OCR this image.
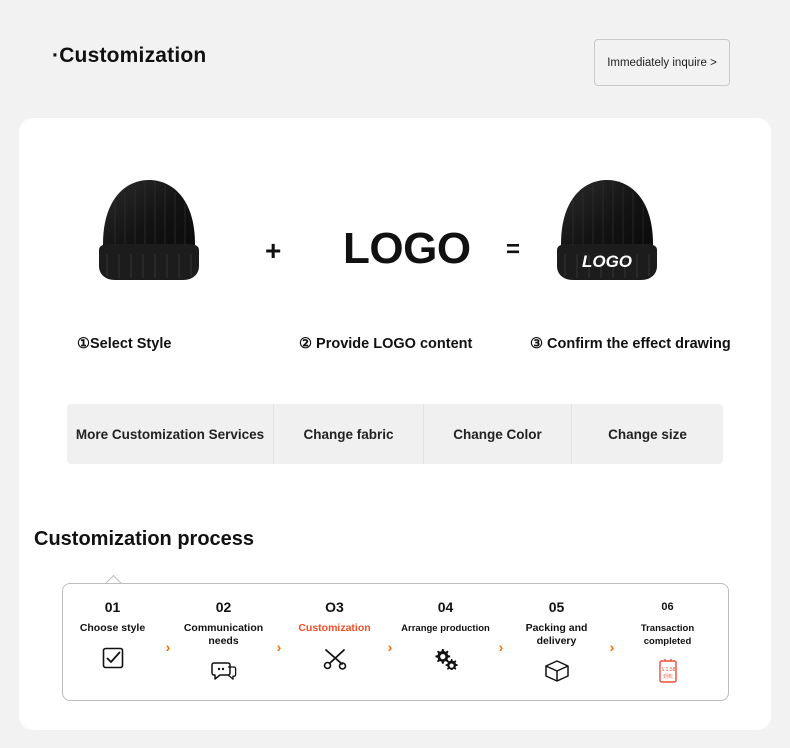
·Customization	Immediately inquire >
+ LOGO =	LOGO
①Select Style	② Provide LOGO content	③ Confirm the effect drawing
More Customization Services	Change fabric	Change Color	Change size
Customization process
01
Choose style
›
02
Communication needs	›
O3
Customization
›
04
Arrange production
›
05
Packing and delivery	›
06
Transaction completed
￥1.58
到账
